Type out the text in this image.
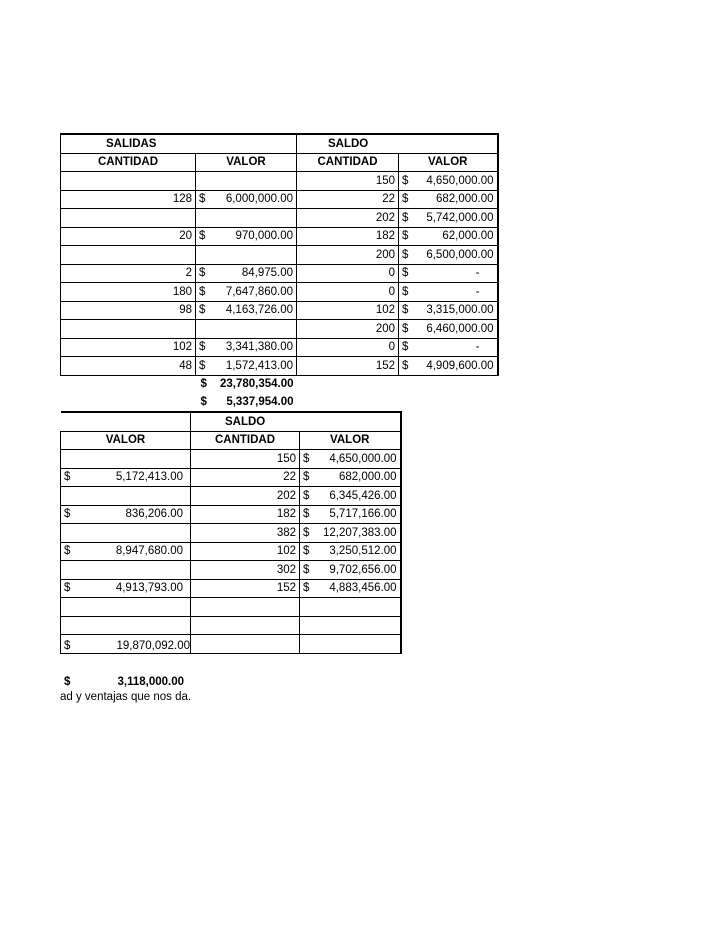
SALIDAS		SALDO	
CANTIDAD	VALOR	CANTIDAD	VALOR
		150	$ 4,650,000.00

128	$ 6,000,000.00	22	$ 682,000.00

		202	$ 5,742,000.00

20	$ 970,000.00	182	$ 62,000.00

		200	$ 6,500,000.00

2	$ 84,975.00	0	$ -

180	$ 7,647,860.00	0	$ -

98	$ 4,163,726.00	102	$ 3,315,000.00

		200	$ 6,460,000.00

102	$ 3,341,380.00	0	$ -

48	$ 1,572,413.00	152	$ 4,909,600.00

	$ 23,780,354.00		

	$ 5,337,954.00		

	SALDO	
VALOR	CANTIDAD	VALOR
	150	$ 4,650,000.00

$ 5,172,413.00	22	$ 682,000.00

	202	$ 6,345,426.00

$ 836,206.00	182	$ 5,717,166.00

	382	$ 12,207,383.00

$ 8,947,680.00	102	$ 3,250,512.00

	302	$ 9,702,656.00

$ 4,913,793.00	152	$ 4,883,456.00

$	19,870,092.00
$	3,118,000.00
ad y ventajas que nos da.
